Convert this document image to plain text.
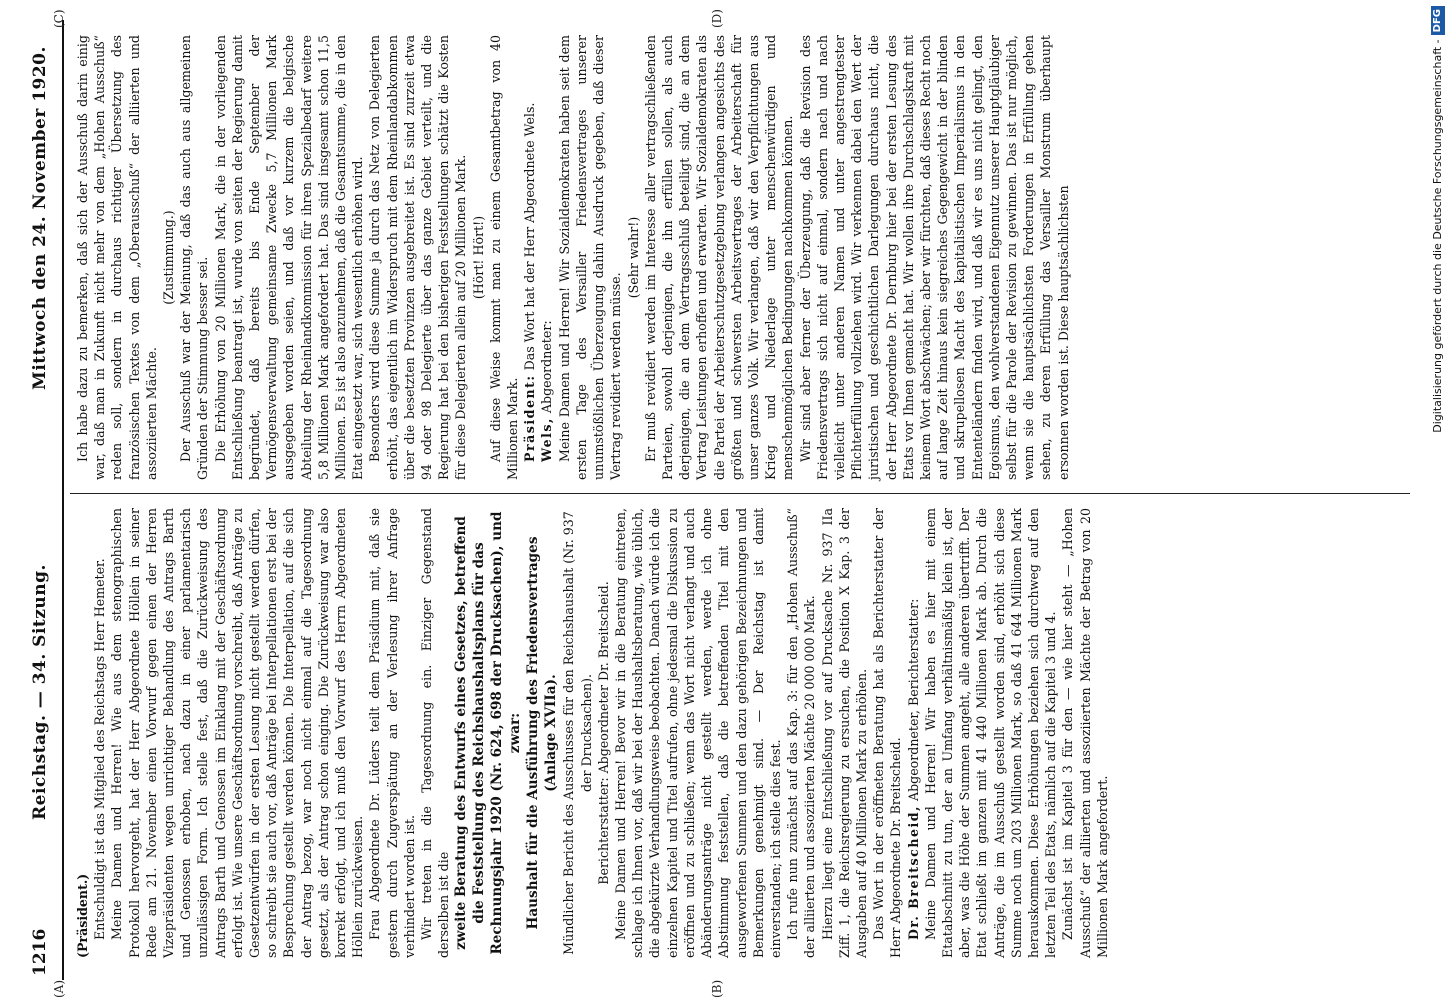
1216
Reichstag. — 34. Sitzung.
Mittwoch den 24. November 1920.
(A)	(B)
(C)	(D)

(Präsident.) Entschuldigt ist das Mitglied des Reichstags Herr Hemeter. Meine Damen und Herren! Wie aus dem stenographischen Protokoll hervorgeht, hat der Herr Abgeordnete Höllein in seiner Rede am 21. November einen Vorwurf gegen einen der Herren Vizepräsidenten wegen unrichtiger Behandlung des Antrags Barth und Genossen erhoben, nach dazu in einer parlamentarisch unzulässigen Form. Ich stelle fest, daß die Zurückweisung des Antrags Barth und Genossen im Einklang mit der Geschäftsordnung erfolgt ist. Wie unsere Geschäftsordnung vorschreibt, daß Anträge zu Gesetzentwürfen in der ersten Lesung nicht gestellt werden dürfen, so schreibt sie auch vor, daß Anträge bei Interpellationen erst bei der Besprechung gestellt werden können. Die Interpellation, auf die sich der Antrag bezog, war noch nicht einmal auf die Tagesordnung gesetzt, als der Antrag schon einging. Die Zurückweisung war also korrekt erfolgt, und ich muß den Vorwurf des Herrn Abgeordneten Höllein zurückweisen. Frau Abgeordnete Dr. Lüders teilt dem Präsidium mit, daß sie gestern durch Zugverspätung an der Verlesung ihrer Anfrage verhindert worden ist. Wir treten in die Tagesordnung ein. Einziger Gegenstand derselben ist die zweite Beratung des Entwurfs eines Gesetzes, betreffend die Feststellung des Reichshaushaltsplans für das Rechnungsjahr 1920 (Nr. 624, 698 der Drucksachen), und zwar: Haushalt für die Ausführung des Friedensvertrages (Anlage XVIIa). Mündlicher Bericht des Ausschusses für den Reichshaushalt (Nr. 937 der Drucksachen). Berichterstatter: Abgeordneter Dr. Breitscheid. Meine Damen und Herren! Bevor wir in die Beratung eintreten, schlage ich Ihnen vor, daß wir bei der Haushaltsberatung, wie üblich, die abgekürzte Verhandlungsweise beobachten. Danach würde ich die einzelnen Kapitel und Titel aufrufen, ohne jedesmal die Diskussion zu eröffnen und zu schließen; wenn das Wort nicht verlangt und auch Abänderungsanträge nicht gestellt werden, werde ich ohne Abstimmung feststellen, daß die betreffenden Titel mit den ausgeworfenen Summen und den dazu gehörigen Bezeichnungen und Bemerkungen genehmigt sind. — Der Reichstag ist damit einverstanden; ich stelle dies fest. Ich rufe nun zunächst auf das Kap. 3: für den „Hohen Ausschuß“ der alliierten und assoziierten Mächte 20 000 000 Mark. Hierzu liegt eine Entschließung vor auf Drucksache Nr. 937 IIa Ziff. 1, die Reichsregierung zu ersuchen, die Position X Kap. 3 der Ausgaben auf 40 Millionen Mark zu erhöhen. Das Wort in der eröffneten Beratung hat als Berichterstatter der Herr Abgeordnete Dr. Breitscheid. Dr. Breitscheid, Abgeordneter, Berichterstatter: Meine Damen und Herren! Wir haben es hier mit einem Etatabschnitt zu tun, der an Umfang verhältnismäßig klein ist, der aber, was die Höhe der Summen angeht, alle anderen übertrifft. Der Etat schließt im ganzen mit 41 440 Millionen Mark ab. Durch die Anträge, die im Ausschuß gestellt worden sind, erhöht sich diese Summe noch um 203 Millionen Mark, so daß 41 644 Millionen Mark herauskommen. Diese Erhöhungen beziehen sich durchweg auf den letzten Teil des Etats, nämlich auf die Kapitel 3 und 4. Zunächst ist im Kapitel 3 für den — wie hier steht — „Hohen Ausschuß“ der alliierten und assoziierten Mächte der Betrag von 20 Millionen Mark angefordert.

Ich habe dazu zu bemerken, daß sich der Ausschuß darin einig war, daß man in Zukunft nicht mehr von dem „Hohen Ausschuß“ reden soll, sondern in durchaus richtiger Übersetzung des französischen Textes von dem „Oberausschuß“ der alliierten und assoziierten Mächte.

(Zustimmung.) Der Ausschuß war der Meinung, daß das auch aus allgemeinen Gründen der Stimmung besser sei. Die Erhöhung von 20 Millionen Mark, die in der vorliegenden Entschließung beantragt ist, wurde von seiten der Regierung damit begründet, daß bereits bis Ende September der Vermögensverwaltung gemeinsame Zwecke 5,7 Millionen Mark ausgegeben worden seien, und daß vor kurzem die belgische Abteilung der Rheinlandkommission für ihren Spezialbedarf weitere 5,8 Millionen Mark angefordert hat. Das sind insgesamt schon 11,5 Millionen. Es ist also anzunehmen, daß die Gesamtsumme, die in den Etat eingesetzt war, sich wesentlich erhöhen wird. Besonders wird diese Summe ja durch das Netz von Delegierten erhöht, das eigentlich im Widerspruch mit dem Rheinlandabkommen über die besetzten Provinzen ausgebreitet ist. Es sind zurzeit etwa 94 oder 98 Delegierte über das ganze Gebiet verteilt, und die Regierung hat bei den bisherigen Feststellungen schätzt die Kosten für diese Delegierten allein auf 20 Millionen Mark. (Hört! Hört!) Auf diese Weise kommt man zu einem Gesamtbetrag von 40 Millionen Mark. Präsident: Das Wort hat der Herr Abgeordnete Wels.

Wels, Abgeordneter: Meine Damen und Herren! Wir Sozialdemokraten haben seit dem ersten Tage des Versailler Friedensvertrages unserer unumstößlichen Überzeugung dahin Ausdruck gegeben, daß dieser Vertrag revidiert werden müsse.

(Sehr wahr!) Er muß revidiert werden im Interesse aller vertragschließenden Parteien, sowohl derjenigen, die ihn erfüllen sollen, als auch derjenigen, die an dem Vertragsschluß beteiligt sind, die an dem Vertrag Leistungen erhoffen und erwarten. Wir Sozialdemokraten als die Partei der Arbeiterschutzgesetzgebung verlangen angesichts des größten und schwersten Arbeitsvertrages der Arbeiterschaft für unser ganzes Volk. Wir verlangen, daß wir den Verpflichtungen aus Krieg und Niederlage unter menschenwürdigen und menschenmöglichen Bedingungen nachkommen können. Wir sind aber ferner der Überzeugung, daß die Revision des Friedensvertrags sich nicht auf einmal, sondern nach und nach vielleicht unter anderen Namen und unter angestrengtester Pflichterfüllung vollziehen wird. Wir verkennen dabei den Wert der juristischen und geschichtlichen Darlegungen durchaus nicht, die der Herr Abgeordnete Dr. Dernburg hier bei der ersten Lesung des Etats vor Ihnen gemacht hat. Wir wollen ihre Durchschlagskraft mit keinem Wort abschwächen; aber wir fürchten, daß dieses Recht noch auf lange Zeit hinaus kein siegreiches Gegengewicht in der blinden und skrupellosen Macht des kapitalistischen Imperialismus in den Ententeländern finden wird, und daß wir es uns nicht gelingt, den Egoismus, den wohlverstandenen Eigennutz unserer Hauptgläubiger selbst für die Parole der Revision zu gewinnen. Das ist nur möglich, wenn sie die hauptsächlichsten Forderungen in Erfüllung gehen sehen, zu deren Erfüllung das Versailler Monstrum überhaupt ersonnen worden ist. Diese hauptsächlichsten	Digitalisierung gefördert durch die Deutsche Forschungsgemeinschaft -DFG
